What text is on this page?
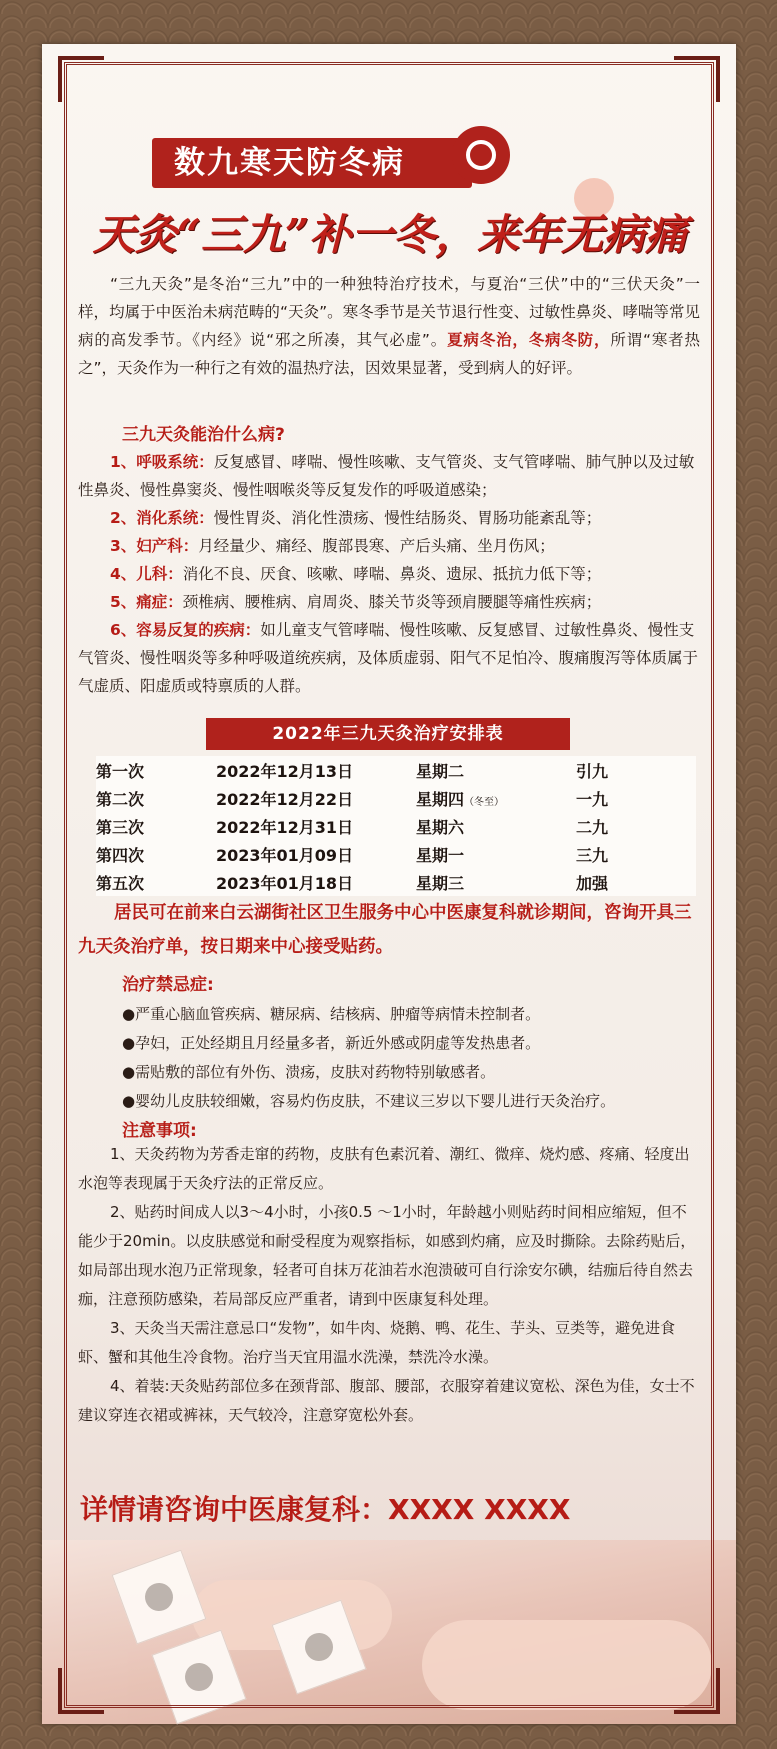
数九寒天防冬病
天灸“三九”补一冬，来年无病痛
“三九天灸”是冬治“三九”中的一种独特治疗技术，与夏治“三伏”中的“三伏天灸”一样，均属于中医治未病范畴的“天灸”。寒冬季节是关节退行性变、过敏性鼻炎、哮喘等常见病的高发季节。《内经》说“邪之所凑，其气必虚”。夏病冬治，冬病冬防，所谓“寒者热之”，天灸作为一种行之有效的温热疗法，因效果显著，受到病人的好评。
三九天灸能治什么病?

1、呼吸系统：反复感冒、哮喘、慢性咳嗽、支气管炎、支气管哮喘、肺气肿以及过敏性鼻炎、慢性鼻窦炎、慢性咽喉炎等反复发作的呼吸道感染；

2、消化系统：慢性胃炎、消化性溃疡、慢性结肠炎、胃肠功能紊乱等；

3、妇产科：月经量少、痛经、腹部畏寒、产后头痛、坐月伤风；

4、儿科：消化不良、厌食、咳嗽、哮喘、鼻炎、遗尿、抵抗力低下等；

5、痛症：颈椎病、腰椎病、肩周炎、膝关节炎等颈肩腰腿等痛性疾病；

6、容易反复的疾病：如儿童支气管哮喘、慢性咳嗽、反复感冒、过敏性鼻炎、慢性支气管炎、慢性咽炎等多种呼吸道统疾病，及体质虚弱、阳气不足怕冷、腹痛腹泻等体质属于气虚质、阳虚质或特禀质的人群。

2022年三九天灸治疗安排表
第一次	2022年12月13日	星期二	引九
第二次	2022年12月22日	星期四（冬至）	一九
第三次	2022年12月31日	星期六	二九
第四次	2023年01月09日	星期一	三九
第五次	2023年01月18日	星期三	加强
居民可在前来白云湖街社区卫生服务中心中医康复科就诊期间，咨询开具三九天灸治疗单，按日期来中心接受贴药。
治疗禁忌症:

●严重心脑血管疾病、糖尿病、结核病、肿瘤等病情未控制者。

●孕妇，正处经期且月经量多者，新近外感或阴虚等发热患者。

●需贴敷的部位有外伤、溃疡，皮肤对药物特别敏感者。

●婴幼儿皮肤较细嫩，容易灼伤皮肤，不建议三岁以下婴儿进行天灸治疗。

注意事项:

1、天灸药物为芳香走窜的药物，皮肤有色素沉着、潮红、微痒、烧灼感、疼痛、轻度出水泡等表现属于天灸疗法的正常反应。

2、贴药时间成人以3～4小时，小孩0.5 ～1小时，年龄越小则贴药时间相应缩短，但不能少于20min。以皮肤感觉和耐受程度为观察指标，如感到灼痛，应及时撕除。去除药贴后，如局部出现水泡乃正常现象，轻者可自抹万花油若水泡溃破可自行涂安尔碘，结痂后待自然去痂，注意预防感染，若局部反应严重者，请到中医康复科处理。

3、天灸当天需注意忌口“发物”，如牛肉、烧鹅、鸭、花生、芋头、豆类等，避免进食虾、蟹和其他生冷食物。治疗当天宜用温水洗澡，禁洗冷水澡。

4、着装:天灸贴药部位多在颈背部、腹部、腰部，衣服穿着建议宽松、深色为佳，女士不建议穿连衣裙或裤袜，天气较冷，注意穿宽松外套。

详情请咨询中医康复科：XXXX XXXX
